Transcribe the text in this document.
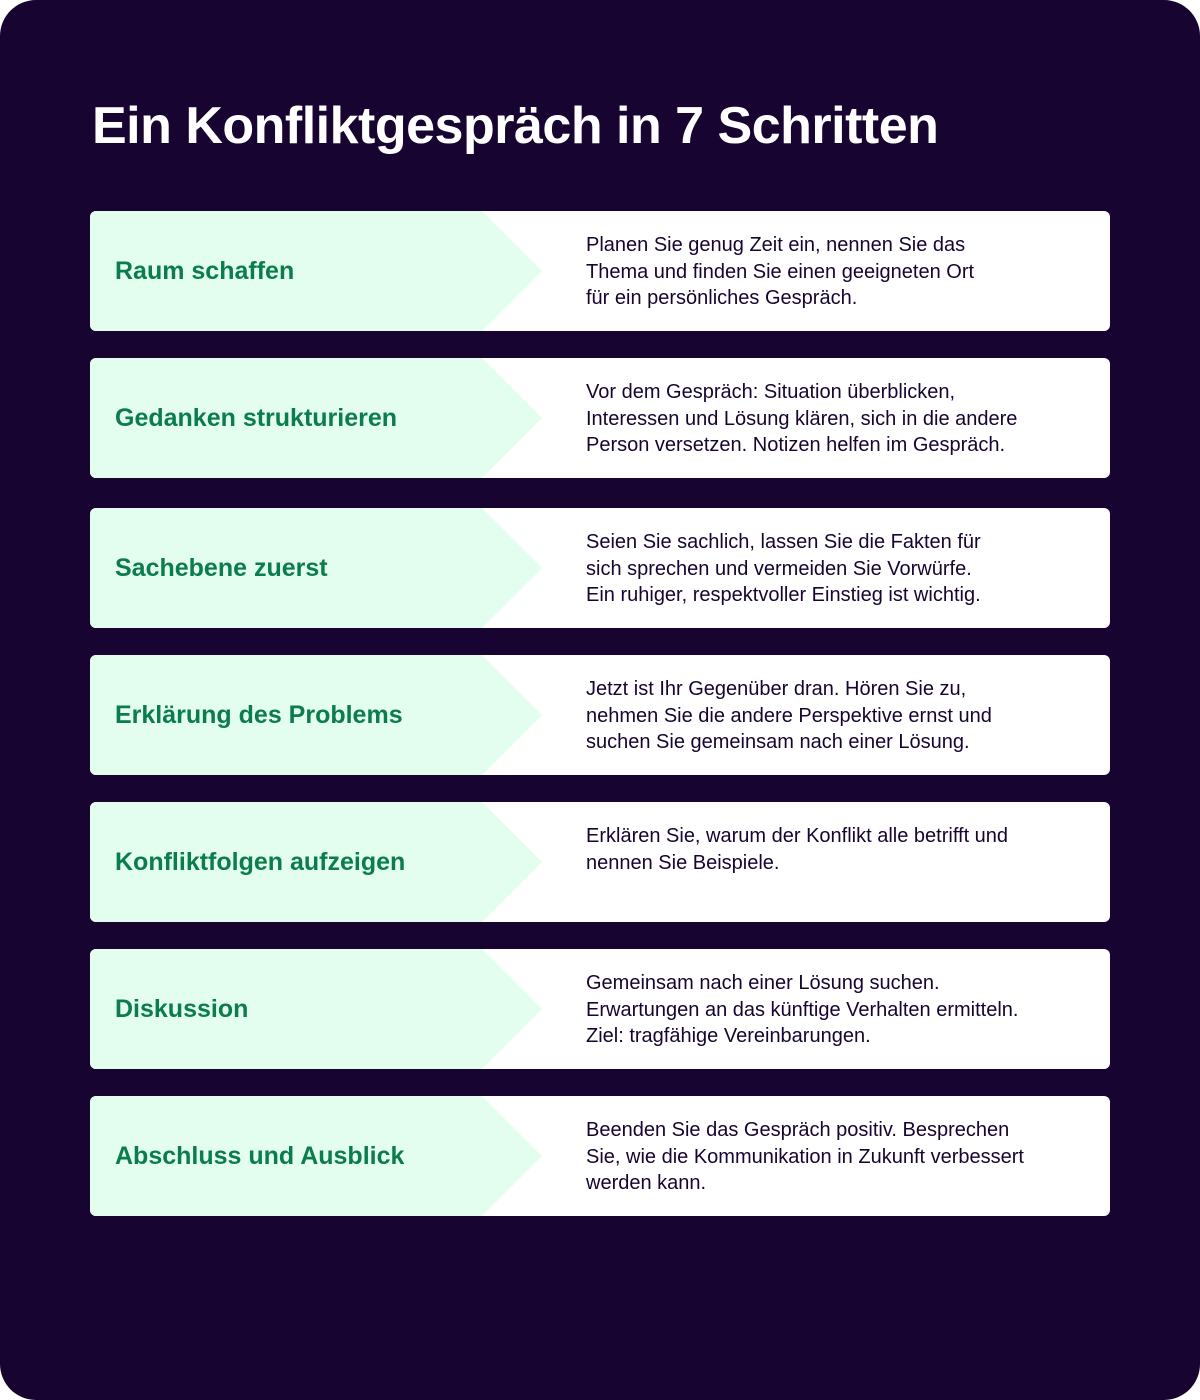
Ein Konfliktgespräch in 7 Schritten
Raum schaffen
Planen Sie genug Zeit ein, nennen Sie das
Thema und finden Sie einen geeigneten Ort
für ein persönliches Gespräch.
Gedanken strukturieren
Vor dem Gespräch: Situation überblicken,
Interessen und Lösung klären, sich in die andere
Person versetzen. Notizen helfen im Gespräch.
Sachebene zuerst
Seien Sie sachlich, lassen Sie die Fakten für
sich sprechen und vermeiden Sie Vorwürfe.
Ein ruhiger, respektvoller Einstieg ist wichtig.
Erklärung des Problems
Jetzt ist Ihr Gegenüber dran. Hören Sie zu,
nehmen Sie die andere Perspektive ernst und
suchen Sie gemeinsam nach einer Lösung.
Konfliktfolgen aufzeigen
Erklären Sie, warum der Konflikt alle betrifft und
nennen Sie Beispiele.
Diskussion
Gemeinsam nach einer Lösung suchen.
Erwartungen an das künftige Verhalten ermitteln.
Ziel: tragfähige Vereinbarungen.
Abschluss und Ausblick
Beenden Sie das Gespräch positiv. Besprechen
Sie, wie die Kommunikation in Zukunft verbessert
werden kann.
